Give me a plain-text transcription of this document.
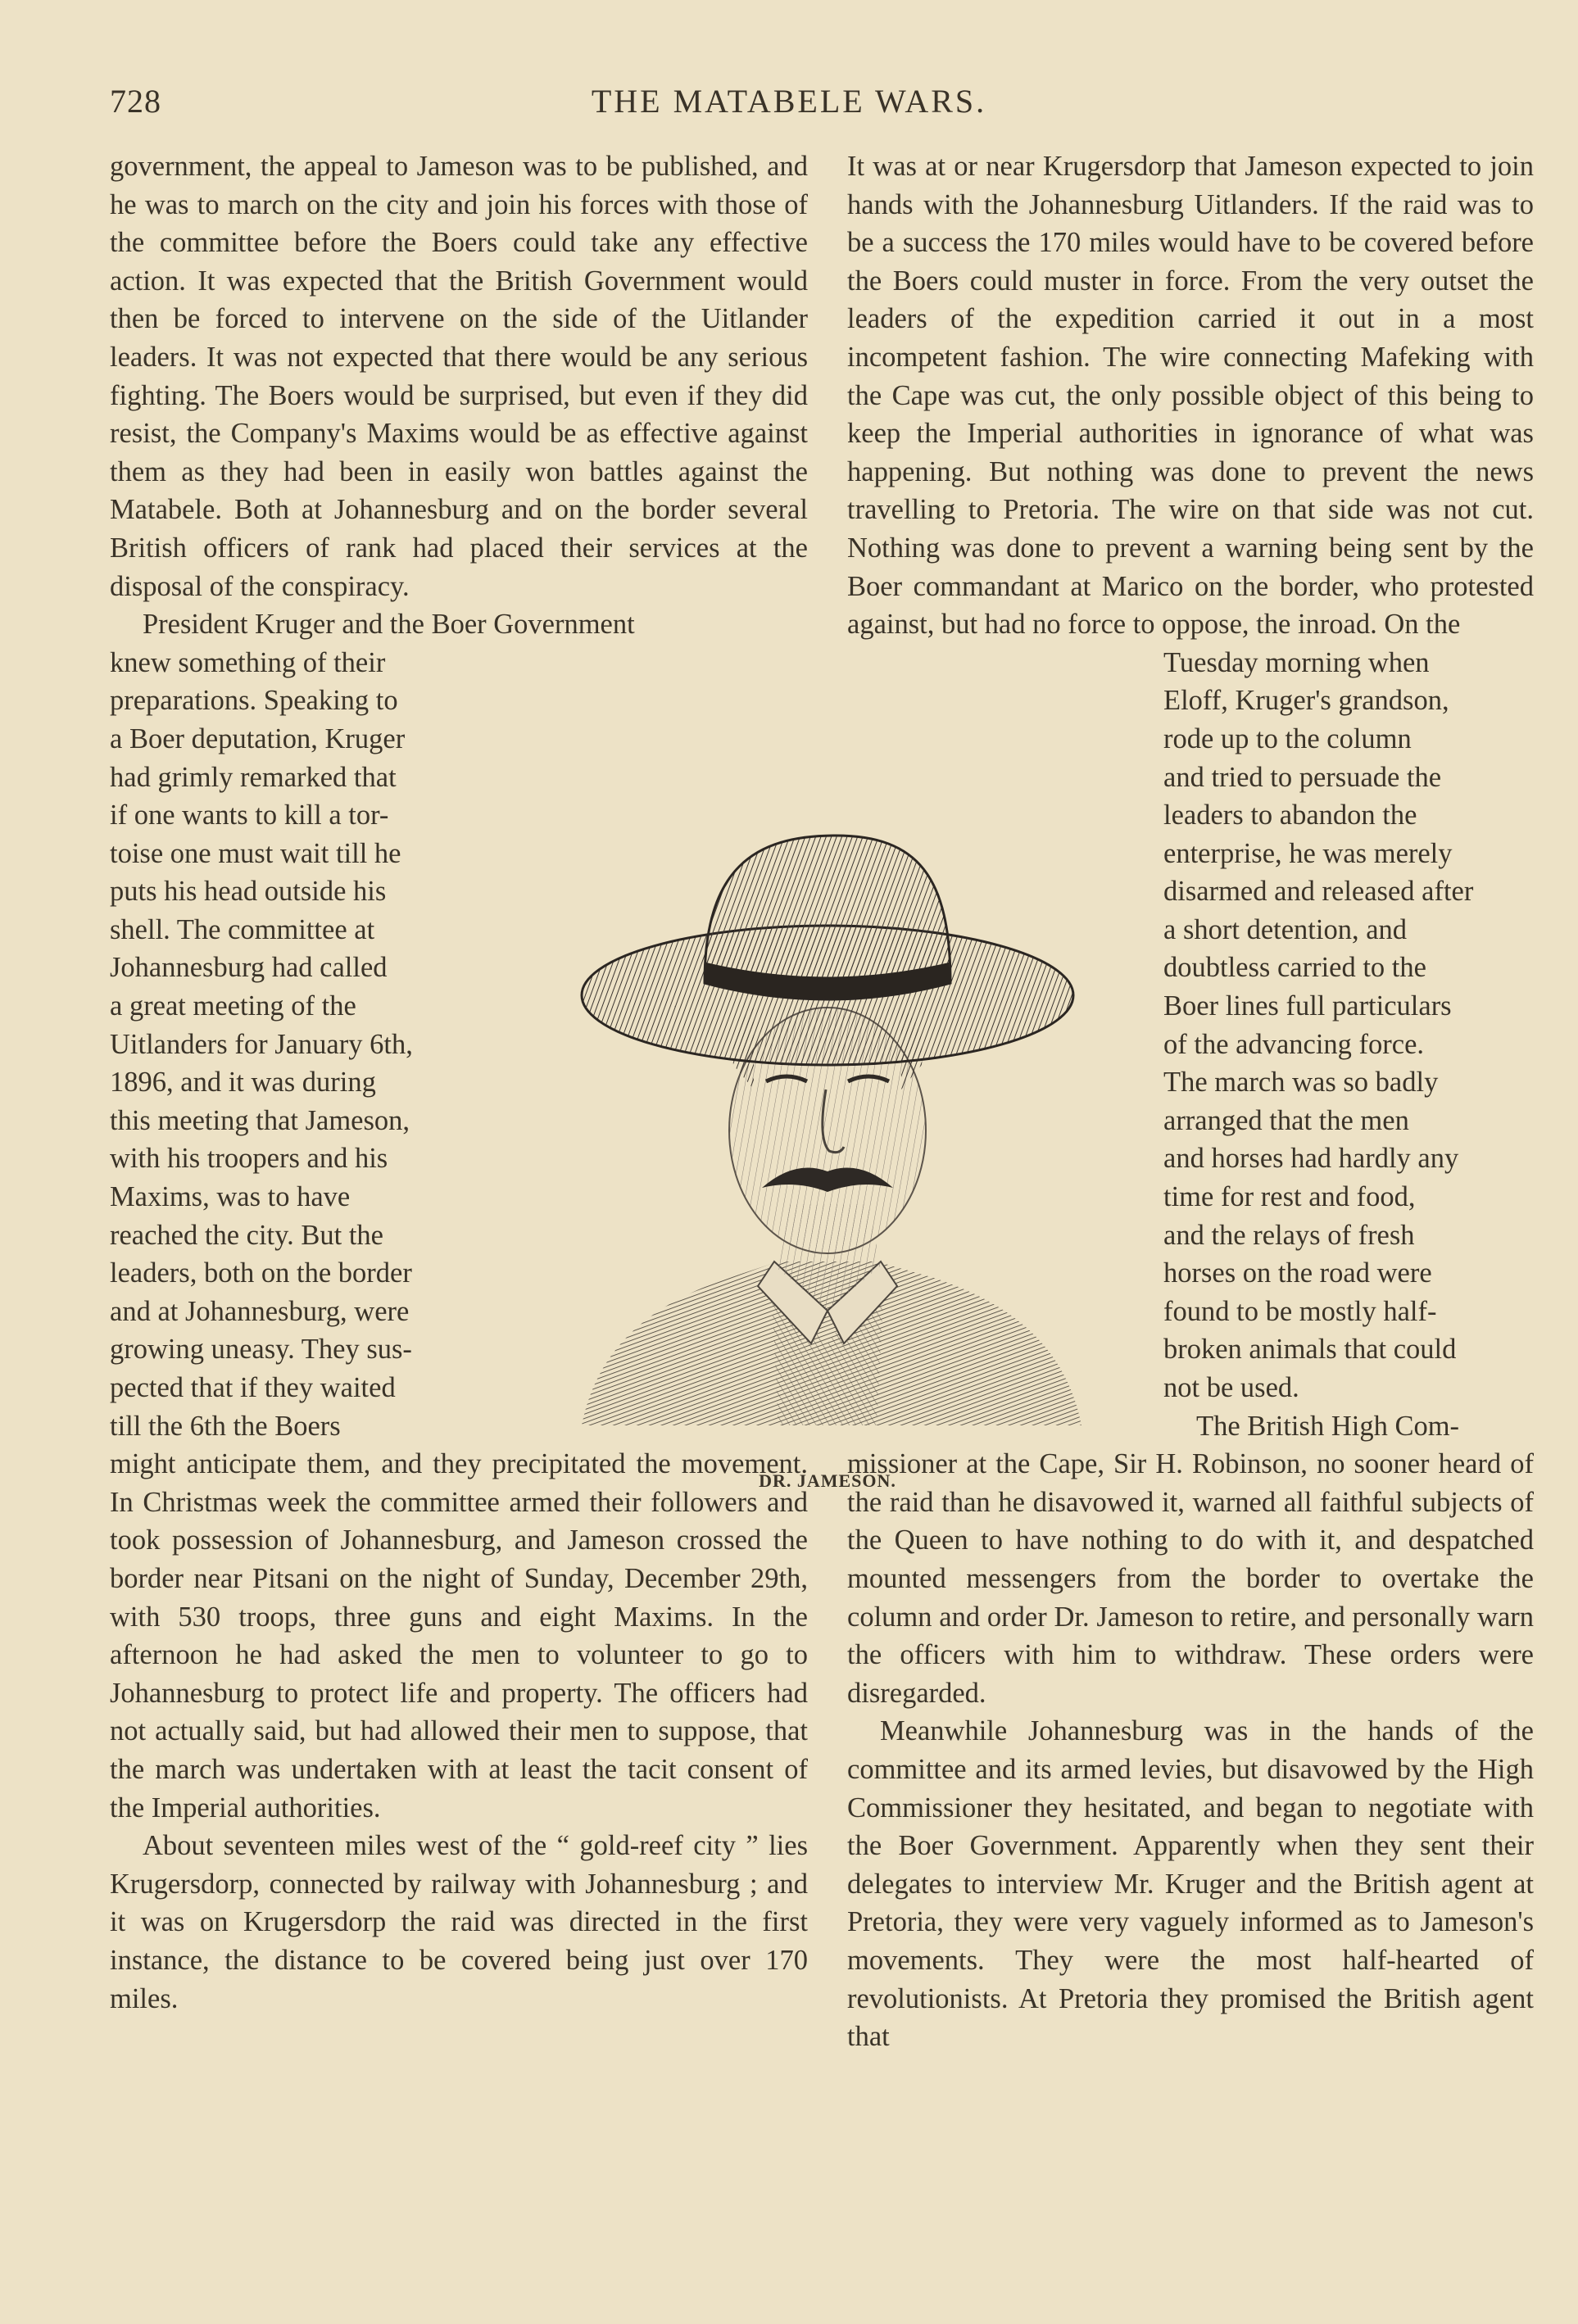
728	THE MATABELE WARS.

government, the appeal to Jameson was to be published, and he was to march on the city and join his forces with those of the committee before the Boers could take any effective action. It was expected that the British Government would then be forced to intervene on the side of the Uitlander leaders. It was not expected that there would be any serious fighting. The Boers would be surprised, but even if they did resist, the Company's Maxims would be as effective against them as they had been in easily won battles against the Matabele. Both at Johannesburg and on the border several British officers of rank had placed their services at the disposal of the conspiracy.

President Kruger and the Boer Government
knew something of their
preparations. Speaking to
a Boer deputation, Kruger
had grimly remarked that
if one wants to kill a tor-
toise one must wait till he
puts his head outside his
shell. The committee at
Johannesburg had called
a great meeting of the
Uitlanders for January 6th,
1896, and it was during
this meeting that Jameson,
with his troopers and his
Maxims, was to have
reached the city. But the
leaders, both on the border
and at Johannesburg, were
growing uneasy. They sus-
pected that if they waited
till the 6th the Boers

might anticipate them, and they precipitated the movement. In Christmas week the committee armed their followers and took possession of Johannesburg, and Jameson crossed the border near Pitsani on the night of Sunday, December 29th, with 530 troops, three guns and eight Maxims. In the afternoon he had asked the men to volunteer to go to Johannesburg to protect life and property. The officers had not actually said, but had allowed their men to suppose, that the march was undertaken with at least the tacit consent of the Imperial authorities.

About seventeen miles west of the “ gold-reef city ” lies Krugersdorp, connected by railway with Johannesburg ; and it was on Krugersdorp the raid was directed in the first instance, the distance to be covered being just over 170 miles.

It was at or near Krugersdorp that Jameson expected to join hands with the Johannesburg Uitlanders. If the raid was to be a success the 170 miles would have to be covered before the Boers could muster in force. From the very outset the leaders of the expedition carried it out in a most incompetent fashion. The wire connecting Mafeking with the Cape was cut, the only possible object of this being to keep the Imperial authorities in ignorance of what was happening. But nothing was done to prevent the news travelling to Pretoria. The wire on that side was not cut. Nothing was done to prevent a warning being sent by the Boer commandant at Marico on the border, who protested against, but had no force to oppose, the inroad. On the

Tuesday morning when
Eloff, Kruger's grandson,
rode up to the column
and tried to persuade the
leaders to abandon the
enterprise, he was merely
disarmed and released after
a short detention, and
doubtless carried to the
Boer lines full particulars
of the advancing force.
The march was so badly
arranged that the men
and horses had hardly any
time for rest and food,
and the relays of fresh
horses on the road were
found to be mostly half-
broken animals that could
not be used.
The British High Com-

missioner at the Cape, Sir H. Robinson, no sooner heard of the raid than he disavowed it, warned all faithful subjects of the Queen to have nothing to do with it, and despatched mounted messengers from the border to overtake the column and order Dr. Jameson to retire, and personally warn the officers with him to withdraw. These orders were disregarded.

Meanwhile Johannesburg was in the hands of the committee and its armed levies, but disavowed by the High Commissioner they hesitated, and began to negotiate with the Boer Government. Apparently when they sent their delegates to interview Mr. Kruger and the British agent at Pretoria, they were very vaguely informed as to Jameson's movements. They were the most half-hearted of revolutionists. At Pretoria they promised the British agent that

DR. JAMESON.
